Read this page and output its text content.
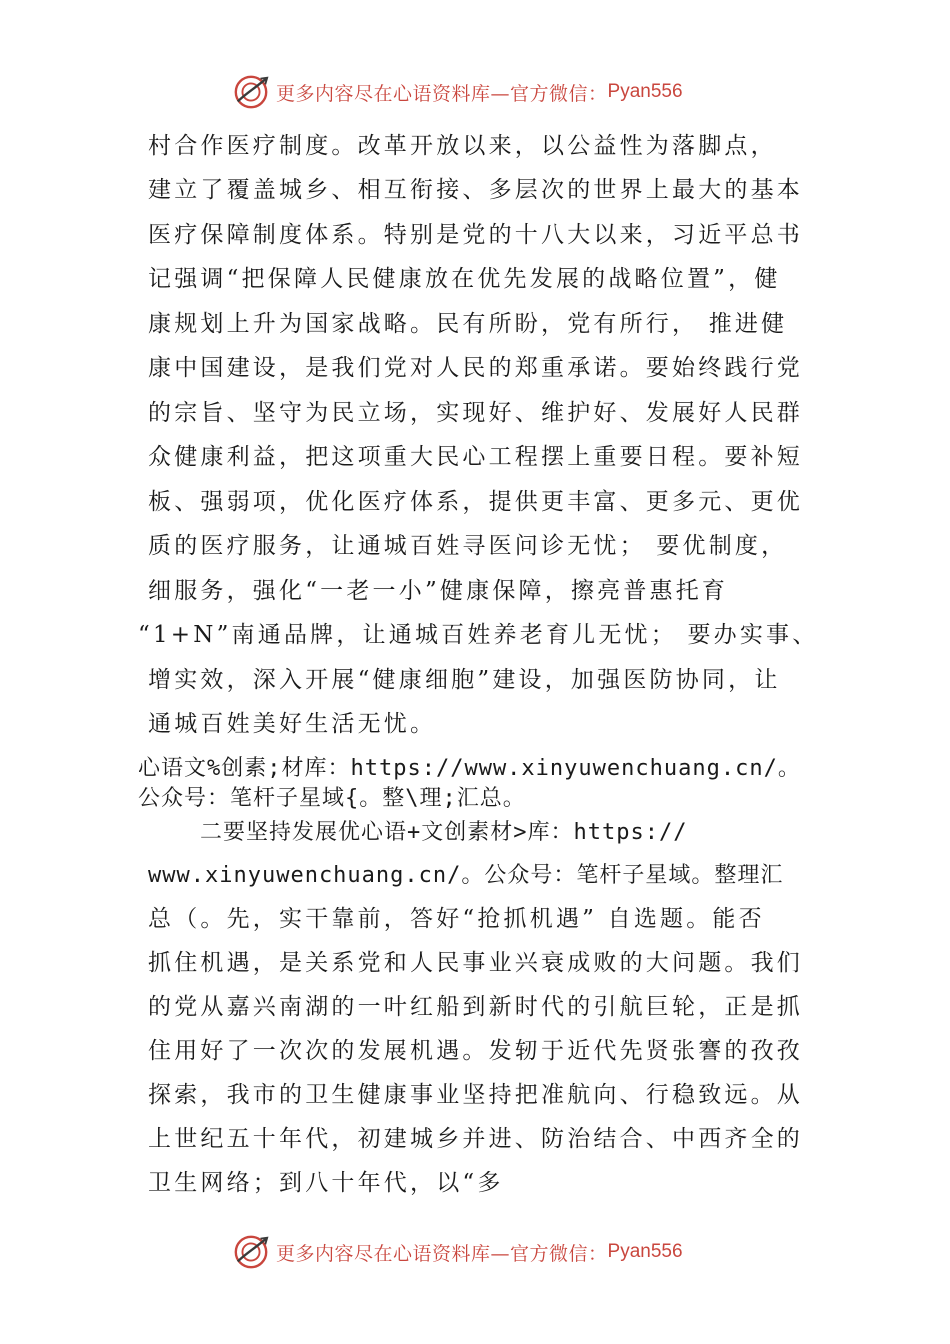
更多内容尽在心语资料库—官方微信： Pyan556
村合作医疗制度。改革开放以来，以公益性为落脚点，
建立了覆盖城乡、相互衔接、多层次的世界上最大的基本
医疗保障制度体系。特别是党的十八大以来，习近平总书
记强调“把保障人民健康放在优先发展的战略位置”，健
康规划上升为国家战略。民有所盼，党有所行， 推进健
康中国建设，是我们党对人民的郑重承诺。要始终践行党
的宗旨、坚守为民立场，实现好、维护好、发展好人民群
众健康利益，把这项重大民心工程摆上重要日程。要补短
板、强弱项，优化医疗体系，提供更丰富、更多元、更优
质的医疗服务，让通城百姓寻医问诊无忧； 要优制度，
细服务，强化“一老一小”健康保障，擦亮普惠托育
“1+N”南通品牌，让通城百姓养老育儿无忧； 要办实事、
增实效，深入开展“健康细胞”建设，加强医防协同，让
通城百姓美好生活无忧。
心语文%创素;材库：https://www.xinyuwenchuang.cn/。
公众号：笔杆子星域{。整\理;汇总。
二要坚持发展优心语+文创素材>库：https://
www.xinyuwenchuang.cn/。公众号：笔杆子星域。整理汇
总（。先，实干靠前，答好“抢抓机遇” 自选题。能否
抓住机遇，是关系党和人民事业兴衰成败的大问题。我们
的党从嘉兴南湖的一叶红船到新时代的引航巨轮，正是抓
住用好了一次次的发展机遇。发轫于近代先贤张謇的孜孜
探索，我市的卫生健康事业坚持把准航向、行稳致远。从
上世纪五十年代，初建城乡并进、防治结合、中西齐全的
卫生网络；到八十年代，以“多
更多内容尽在心语资料库—官方微信： Pyan556
